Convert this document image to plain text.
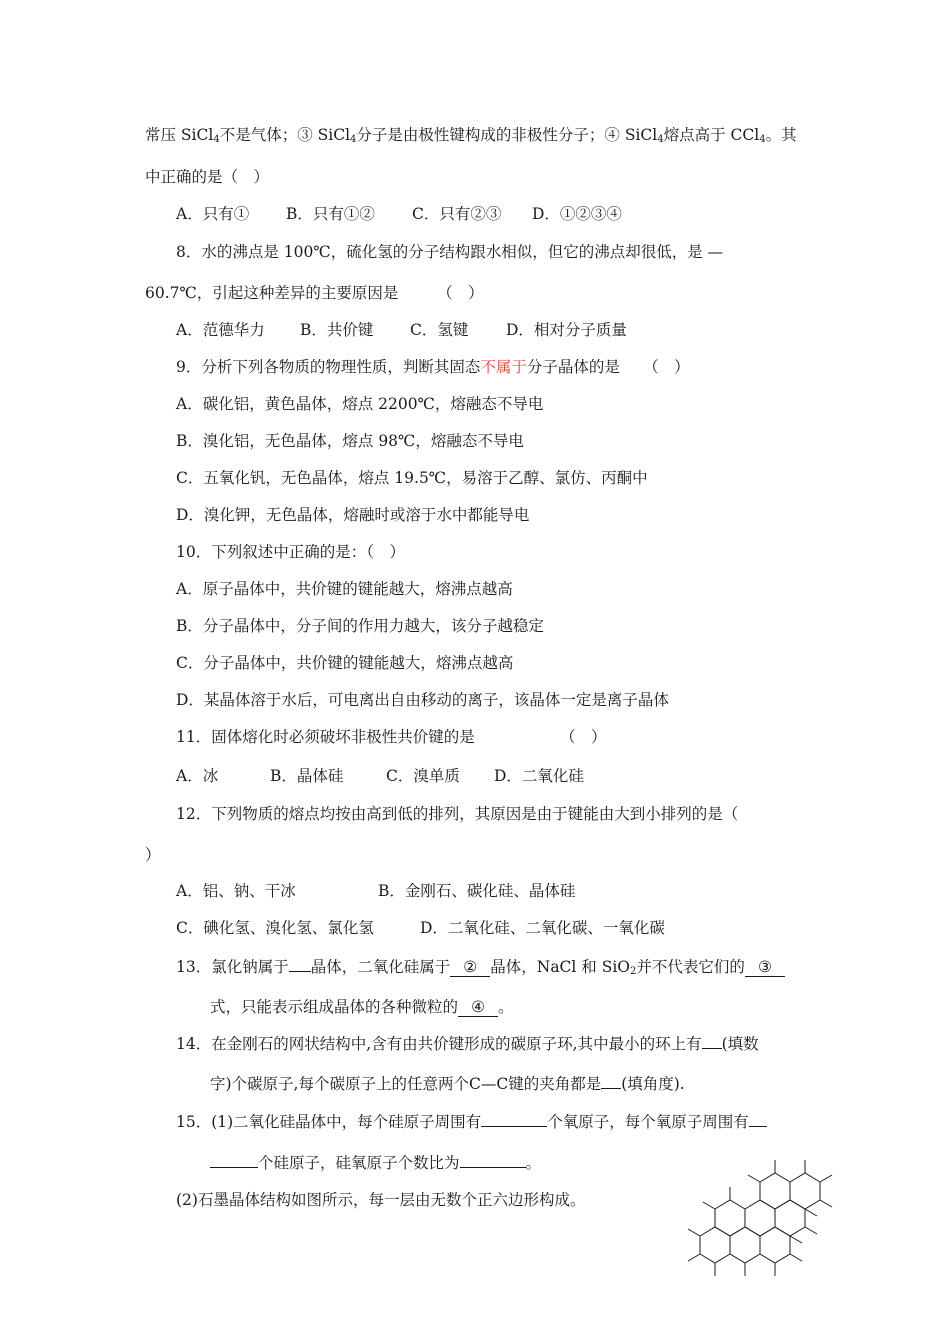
常压 SiCl$_4$不是气体；③ SiCl$_4$分子是由极性键构成的非极性分子；④ SiCl$_4$熔点高于 CCl$_4$。其
中正确的是（　）
A．只有① B．只有①② C．只有②③ D．①②③④
8．水的沸点是 100℃，硫化氢的分子结构跟水相似，但它的沸点却很低，是 —
60.7℃，引起这种差异的主要原因是　　　（　）
A．范德华力 B．共价键 C．氢键 D．相对分子质量
9．分析下列各物质的物理性质，判断其固态不属于分子晶体的是　　（　）
A．碳化铝，黄色晶体，熔点 2200℃，熔融态不导电
B．溴化铝，无色晶体，熔点 98℃，熔融态不导电
C．五氧化钒，无色晶体，熔点 19.5℃，易溶于乙醇、氯仿、丙酮中
D．溴化钾，无色晶体，熔融时或溶于水中都能导电
10．下列叙述中正确的是：（　）
A．原子晶体中，共价键的键能越大，熔沸点越高
B．分子晶体中，分子间的作用力越大，该分子越稳定
C．分子晶体中，共价键的键能越大，熔沸点越高
D．某晶体溶于水后，可电离出自由移动的离子，该晶体一定是离子晶体
11．固体熔化时必须破坏非极性共价键的是　　　　　　（　）
A．冰	B．晶体硅	C．溴单质 D．二氧化硅
12．下列物质的熔点均按由高到低的排列，其原因是由于键能由大到小排列的是（
）
A．铝、钠、干冰	B．金刚石、碳化硅、晶体硅
C．碘化氢、溴化氢、氯化氢	D．二氧化硅、二氧化碳、一氧化碳
13．氯化钠属于 晶体，二氧化硅属于 ② 晶体，NaCl 和 SiO$_2$并不代表它们的 ③
式，只能表示组成晶体的各种微粒的 ④ 。
14．在金刚石的网状结构中,含有由共价键形成的碳原子环,其中最小的环上有 (填数
字)个碳原子,每个碳原子上的任意两个C—C键的夹角都是 (填角度).
15．(1)二氧化硅晶体中，每个硅原子周围有	个氧原子，每个氧原子周围有
个硅原子，硅氧原子个数比为	。
(2)石墨晶体结构如图所示，每一层由无数个正六边形构成。
